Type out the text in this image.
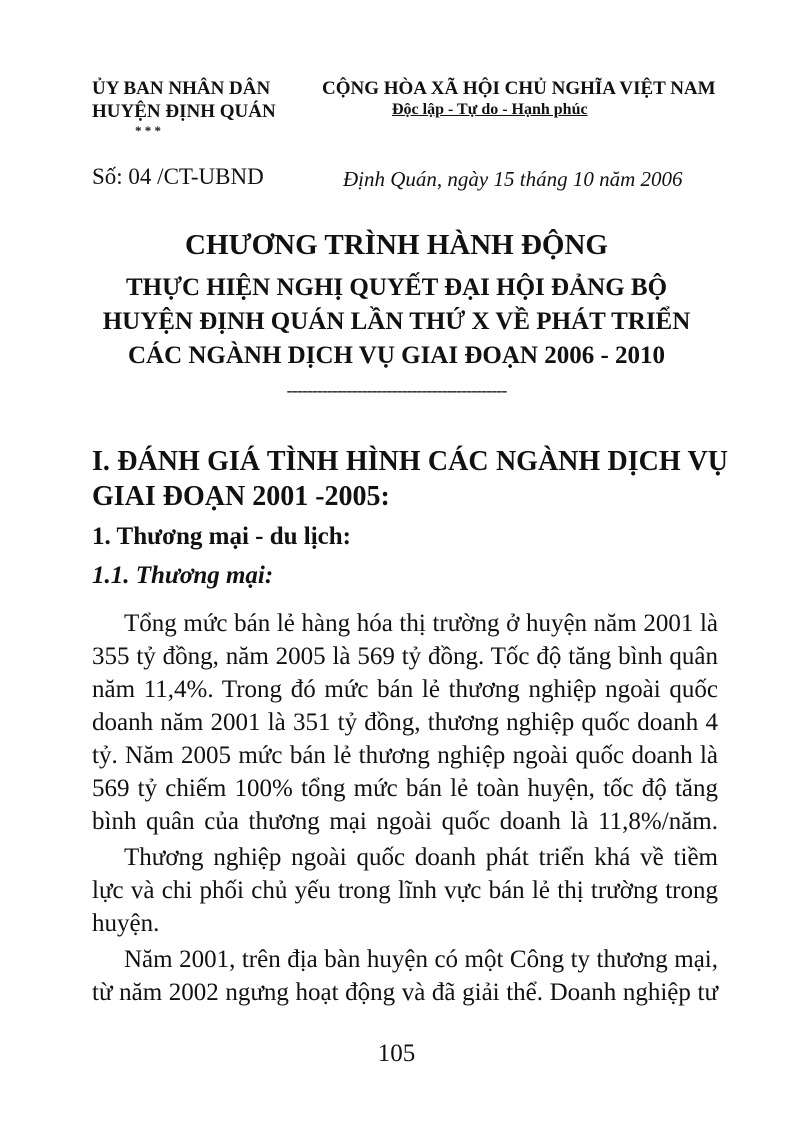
ỦY BAN NHÂN DÂN
HUYỆN ĐỊNH QUÁN
* * *
CỘNG HÒA XÃ HỘI CHỦ NGHĨA VIỆT NAM
Độc lập - Tự do - Hạnh phúc
Số: 04 /CT-UBND	Định Quán, ngày 15 tháng 10 năm 2006
CHƯƠNG TRÌNH HÀNH ĐỘNG
THỰC HIỆN NGHỊ QUYẾT ĐẠI HỘI ĐẢNG BỘ
HUYỆN ĐỊNH QUÁN LẦN THỨ X VỀ PHÁT TRIỂN
CÁC NGÀNH DỊCH VỤ GIAI ĐOẠN 2006 - 2010
--------------------------------------------
I. ĐÁNH GIÁ TÌNH HÌNH CÁC NGÀNH DỊCH VỤ
GIAI ĐOẠN 2001 -2005:
1. Thương mại - du lịch:
1.1. Thương mại:
Tổng mức bán lẻ hàng hóa thị trường ở huyện năm 2001 là
355 tỷ đồng, năm 2005 là 569 tỷ đồng. Tốc độ tăng bình quân
năm 11,4%. Trong đó mức bán lẻ thương nghiệp ngoài quốc
doanh năm 2001 là 351 tỷ đồng, thương nghiệp quốc doanh 4
tỷ. Năm 2005 mức bán lẻ thương nghiệp ngoài quốc doanh là
569 tỷ chiếm 100% tổng mức bán lẻ toàn huyện, tốc độ tăng
bình quân của thương mại ngoài quốc doanh là 11,8%/năm.
Thương nghiệp ngoài quốc doanh phát triển khá về tiềm
lực và chi phối chủ yếu trong lĩnh vực bán lẻ thị trường trong
huyện.
Năm 2001, trên địa bàn huyện có một Công ty thương mại,
từ năm 2002 ngưng hoạt động và đã giải thể. Doanh nghiệp tư
105
